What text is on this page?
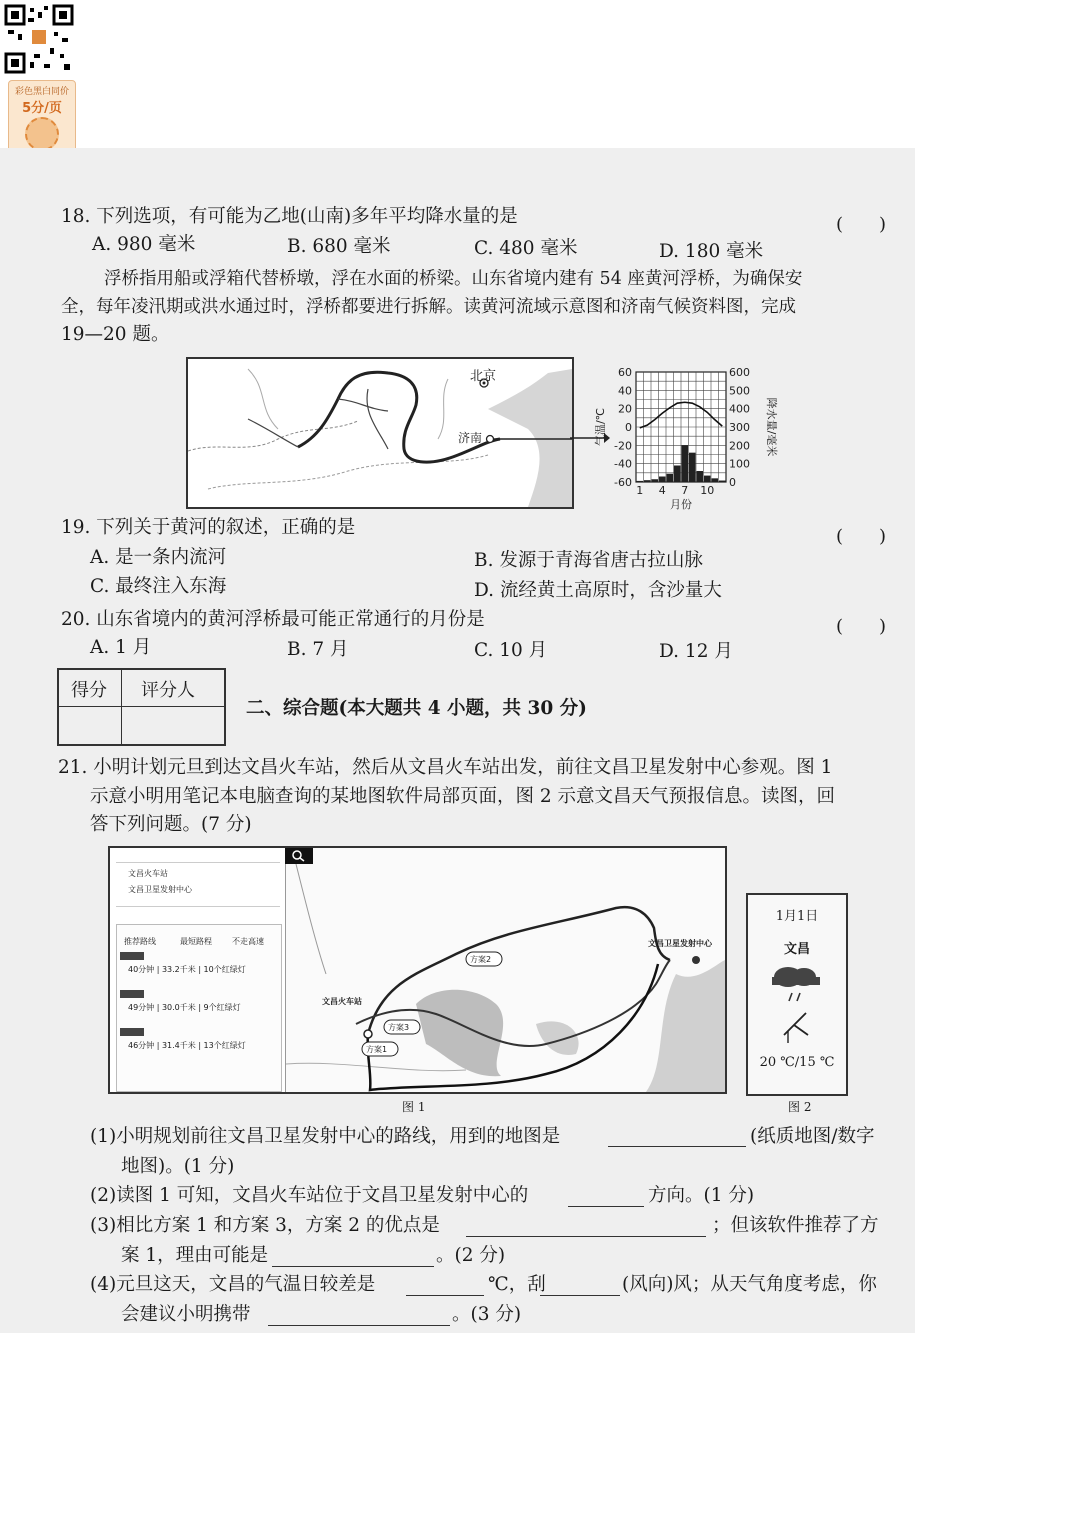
彩色黑白同价
5分/页
18. 下列选项，有可能为乙地(山南)多年平均降水量的是	(　　)
A. 980 毫米	B. 680 毫米	C. 480 毫米	D. 180 毫米
浮桥指用船或浮箱代替桥墩，浮在水面的桥梁。山东省境内建有 54 座黄河浮桥，为确保安
全，每年凌汛期或洪水通过时，浮桥都要进行拆解。读黄河流域示意图和济南气候资料图，完成
19—20 题。
北京
济南
60
40
20
0
-20
-40
-60
600
500
400
300
200
100
0
1 4 7 10
月份
气温/℃	降水量/毫米
19. 下列关于黄河的叙述，正确的是	(　　)
A. 是一条内流河	B. 发源于青海省唐古拉山脉
C. 最终注入东海	D. 流经黄土高原时，含沙量大
20. 山东省境内的黄河浮桥最可能正常通行的月份是	(　　)
A. 1 月	B. 7 月	C. 10 月	D. 12 月
得分 评分人
二、综合题(本大题共 4 小题，共 30 分)
21. 小明计划元旦到达文昌火车站，然后从文昌火车站出发，前往文昌卫星发射中心参观。图 1
示意小明用笔记本电脑查询的某地图软件局部页面，图 2 示意文昌天气预报信息。读图，回
答下列问题。(7 分)
文昌火车站
文昌卫星发射中心
推荐路线	最短路程	不走高速
40分钟 | 33.2千米 | 10个红绿灯
49分钟 | 30.0千米 | 9个红绿灯
46分钟 | 31.4千米 | 13个红绿灯
方案2
方案3
方案1
文昌火车站
文昌卫星发射中心
图 1
1月1日
文昌
20 ℃/15 ℃
图 2
(1)小明规划前往文昌卫星发射中心的路线，用到的地图是	(纸质地图/数字
地图)。(1 分)
(2)读图 1 可知，文昌火车站位于文昌卫星发射中心的	方向。(1 分)
(3)相比方案 1 和方案 3，方案 2 的优点是	；但该软件推荐了方
案 1，理由可能是	。(2 分)
(4)元旦这天，文昌的气温日较差是	℃，刮	(风向)风；从天气角度考虑，你
会建议小明携带	。(3 分)
